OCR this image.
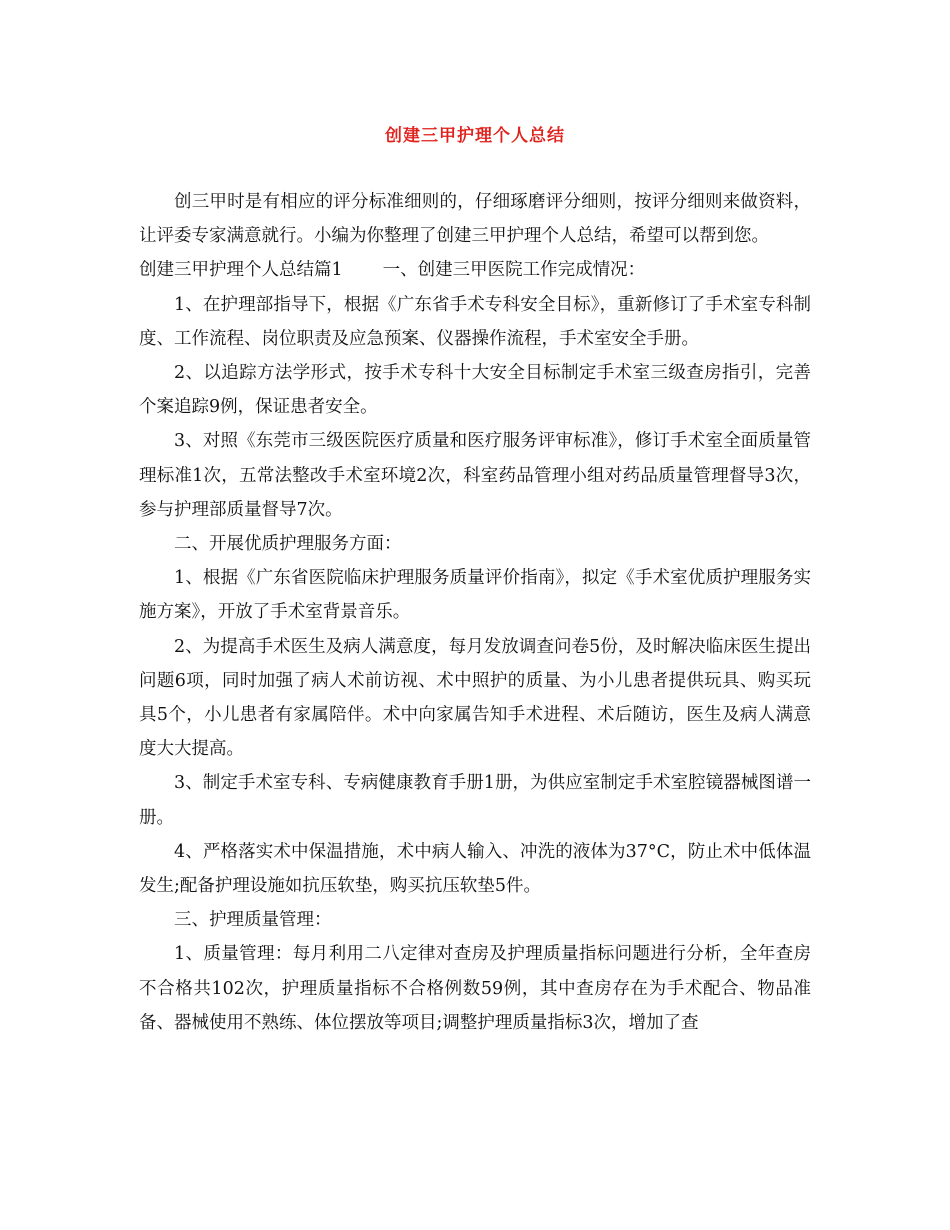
创建三甲护理个人总结

创三甲时是有相应的评分标准细则的，仔细琢磨评分细则，按评分细则来做资料，让评委专家满意就行。小编为你整理了创建三甲护理个人总结，希望可以帮到您。

创建三甲护理个人总结篇1 一、创建三甲医院工作完成情况：

1、在护理部指导下，根据《广东省手术专科安全目标》，重新修订了手术室专科制度、工作流程、岗位职责及应急预案、仪器操作流程，手术室安全手册。

2、以追踪方法学形式，按手术专科十大安全目标制定手术室三级查房指引，完善个案追踪9例，保证患者安全。

3、对照《东莞市三级医院医疗质量和医疗服务评审标准》，修订手术室全面质量管理标准1次，五常法整改手术室环境2次，科室药品管理小组对药品质量管理督导3次，参与护理部质量督导7次。

二、开展优质护理服务方面：

1、根据《广东省医院临床护理服务质量评价指南》，拟定《手术室优质护理服务实施方案》，开放了手术室背景音乐。

2、为提高手术医生及病人满意度，每月发放调查问卷5份，及时解决临床医生提出问题6项，同时加强了病人术前访视、术中照护的质量、为小儿患者提供玩具、购买玩具5个，小儿患者有家属陪伴。术中向家属告知手术进程、术后随访，医生及病人满意度大大提高。

3、制定手术室专科、专病健康教育手册1册，为供应室制定手术室腔镜器械图谱一册。

4、严格落实术中保温措施，术中病人输入、冲洗的液体为37°C，防止术中低体温发生;配备护理设施如抗压软垫，购买抗压软垫5件。

三、护理质量管理：

1、质量管理：每月利用二八定律对查房及护理质量指标问题进行分析，全年查房不合格共102次，护理质量指标不合格例数59例，其中查房存在为手术配合、物品准备、器械使用不熟练、体位摆放等项目;调整护理质量指标3次，增加了查
